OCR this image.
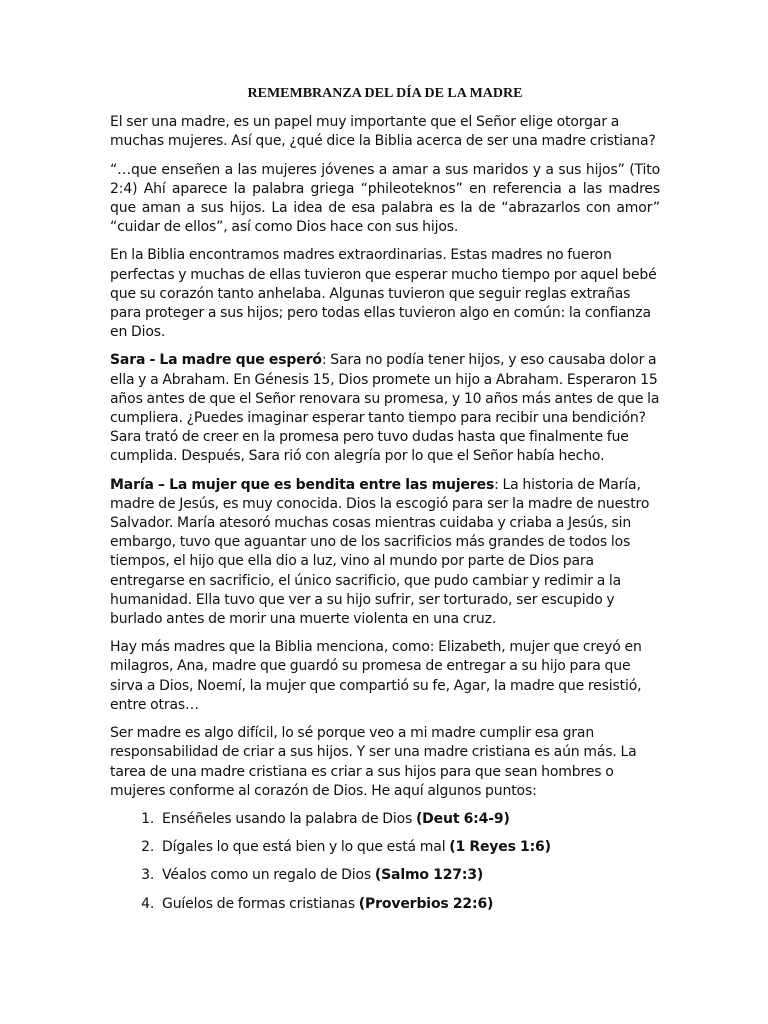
REMEMBRANZA DEL DÍA DE LA MADRE

El ser una madre, es un papel muy importante que el Señor elige otorgar a muchas mujeres. Así que, ¿qué dice la Biblia acerca de ser una madre cristiana?

“…que enseñen a las mujeres jóvenes a amar a sus maridos y a sus hijos” (Tito 2:4) Ahí aparece la palabra griega “phileoteknos” en referencia a las madres que aman a sus hijos. La idea de esa palabra es la de “abrazarlos con amor” “cuidar de ellos”, así como Dios hace con sus hijos.

En la Biblia encontramos madres extraordinarias. Estas madres no fueron perfectas y muchas de ellas tuvieron que esperar mucho tiempo por aquel bebé que su corazón tanto anhelaba. Algunas tuvieron que seguir reglas extrañas para proteger a sus hijos; pero todas ellas tuvieron algo en común: la confianza en Dios.

Sara - La madre que esperó: Sara no podía tener hijos, y eso causaba dolor a ella y a Abraham. En Génesis 15, Dios promete un hijo a Abraham. Esperaron 15 años antes de que el Señor renovara su promesa, y 10 años más antes de que la cumpliera. ¿Puedes imaginar esperar tanto tiempo para recibir una bendición? Sara trató de creer en la promesa pero tuvo dudas hasta que finalmente fue cumplida. Después, Sara rió con alegría por lo que el Señor había hecho.

María – La mujer que es bendita entre las mujeres: La historia de María, madre de Jesús, es muy conocida. Dios la escogió para ser la madre de nuestro Salvador. María atesoró muchas cosas mientras cuidaba y criaba a Jesús, sin embargo, tuvo que aguantar uno de los sacrificios más grandes de todos los tiempos, el hijo que ella dio a luz, vino al mundo por parte de Dios para entregarse en sacrificio, el único sacrificio, que pudo cambiar y redimir a la humanidad. Ella tuvo que ver a su hijo sufrir, ser torturado, ser escupido y burlado antes de morir una muerte violenta en una cruz.

Hay más madres que la Biblia menciona, como: Elizabeth, mujer que creyó en milagros, Ana, madre que guardó su promesa de entregar a su hijo para que sirva a Dios, Noemí, la mujer que compartió su fe, Agar, la madre que resistió, entre otras…

Ser madre es algo difícil, lo sé porque veo a mi madre cumplir esa gran responsabilidad de criar a sus hijos. Y ser una madre cristiana es aún más. La tarea de una madre cristiana es criar a sus hijos para que sean hombres o mujeres conforme al corazón de Dios. He aquí algunos puntos:

1. Enséñeles usando la palabra de Dios (Deut 6:4-9)
2. Dígales lo que está bien y lo que está mal (1 Reyes 1:6)
3. Véalos como un regalo de Dios (Salmo 127:3)
4. Guíelos de formas cristianas (Proverbios 22:6)
